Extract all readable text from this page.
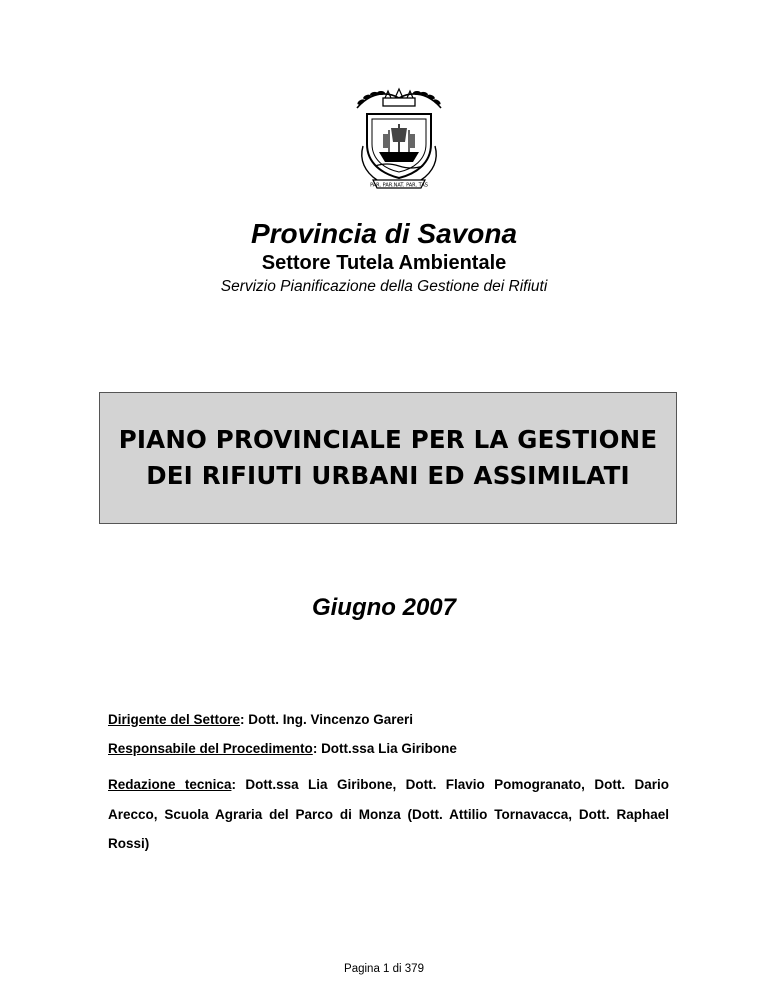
PAR. PAR.NAT. PAR. TAS
Provincia di Savona
Settore Tutela Ambientale
Servizio Pianificazione della Gestione dei Rifiuti
PIANO PROVINCIALE PER LA GESTIONE
DEI RIFIUTI URBANI ED ASSIMILATI
Giugno 2007
Dirigente del Settore: Dott. Ing. Vincenzo Gareri
Responsabile del Procedimento: Dott.ssa Lia Giribone
Redazione tecnica: Dott.ssa Lia Giribone, Dott. Flavio Pomogranato, Dott. Dario Arecco, Scuola Agraria del Parco di Monza (Dott. Attilio Tornavacca, Dott. Raphael Rossi)
Pagina 1 di 379
